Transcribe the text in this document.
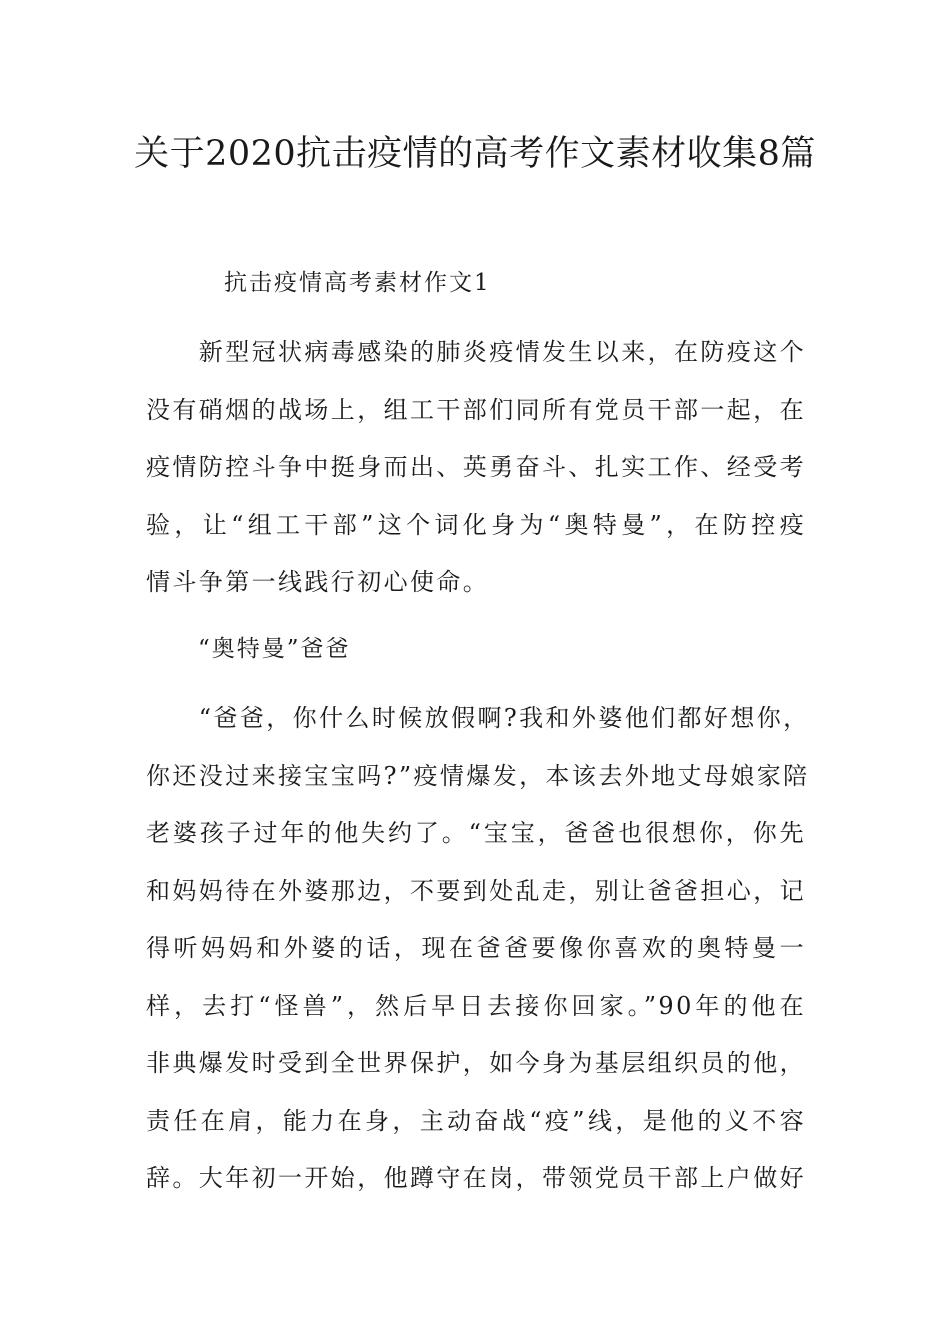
关于2020抗击疫情的高考作文素材收集8篇
抗击疫情高考素材作文1
　　新型冠状病毒感染的肺炎疫情发生以来，在防疫这个
没有硝烟的战场上，组工干部们同所有党员干部一起，在
疫情防控斗争中挺身而出、英勇奋斗、扎实工作、经受考
验，让“组工干部”这个词化身为“奥特曼”，在防控疫
情斗争第一线践行初心使命。
“奥特曼”爸爸
　　“爸爸，你什么时候放假啊?我和外婆他们都好想你，
你还没过来接宝宝吗?”疫情爆发，本该去外地丈母娘家陪
老婆孩子过年的他失约了。“宝宝，爸爸也很想你，你先
和妈妈待在外婆那边，不要到处乱走，别让爸爸担心，记
得听妈妈和外婆的话，现在爸爸要像你喜欢的奥特曼一
样，去打“怪兽”，然后早日去接你回家。”90年的他在
非典爆发时受到全世界保护，如今身为基层组织员的他，
责任在肩，能力在身，主动奋战“疫”线，是他的义不容
辞。大年初一开始，他蹲守在岗，带领党员干部上户做好
